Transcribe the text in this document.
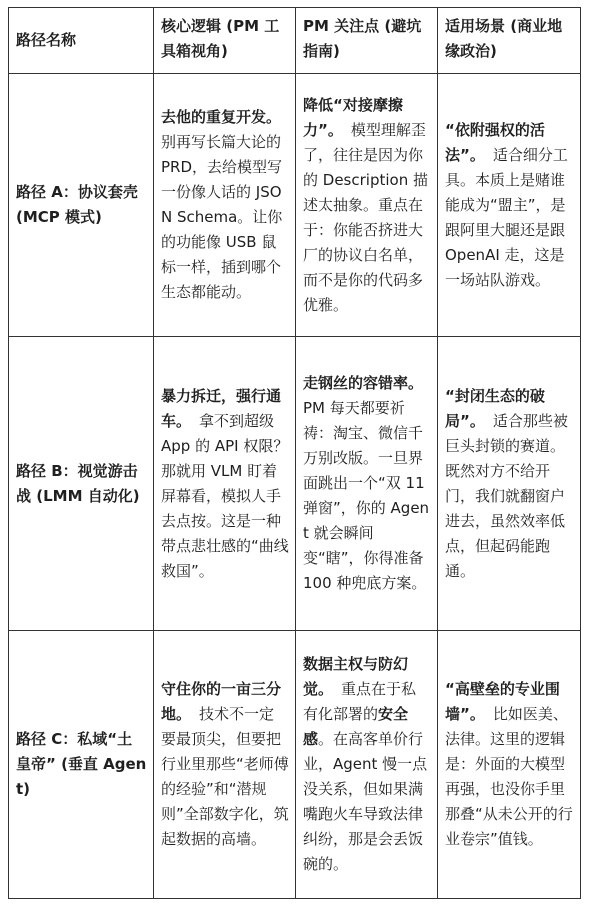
路径名称	核心逻辑 (PM 工具箱视角)	PM 关注点 (避坑指南)	适用场景 (商业地缘政治)
路径 A：协议套壳 (MCP 模式)	去他的重复开发。别再写长篇大论的 PRD，去给模型写一份像人话的 JSON Schema。让你的功能像 USB 鼠标一样，插到哪个生态都能动。	降低“对接摩擦力”。 模型理解歪了，往往是因为你的 Description 描述太抽象。重点在于：你能否挤进大厂的协议白名单，而不是你的代码多优雅。	“依附强权的活法”。 适合细分工具。本质上是赌谁能成为“盟主”，是跟阿里大腿还是跟 OpenAI 走，这是一场站队游戏。
路径 B：视觉游击战 (LMM 自动化)	暴力拆迁，强行通车。 拿不到超级 App 的 API 权限？那就用 VLM 盯着屏幕看，模拟人手去点按。这是一种带点悲壮感的“曲线救国”。	走钢丝的容错率。PM 每天都要祈祷：淘宝、微信千万别改版。一旦界面跳出一个“双 11 弹窗”，你的 Agent 就会瞬间变“瞎”，你得准备 100 种兜底方案。	“封闭生态的破局”。 适合那些被巨头封锁的赛道。既然对方不给开门，我们就翻窗户进去，虽然效率低点，但起码能跑通。
路径 C：私域“土皇帝” (垂直 Agent)	守住你的一亩三分地。 技术不一定要最顶尖，但要把行业里那些“老师傅的经验”和“潜规则”全部数字化，筑起数据的高墙。	数据主权与防幻觉。 重点在于私有化部署的安全感。在高客单价行业，Agent 慢一点没关系，但如果满嘴跑火车导致法律纠纷，那是会丢饭碗的。	“高壁垒的专业围墙”。 比如医美、法律。这里的逻辑是：外面的大模型再强，也没你手里那叠“从未公开的行业卷宗”值钱。
